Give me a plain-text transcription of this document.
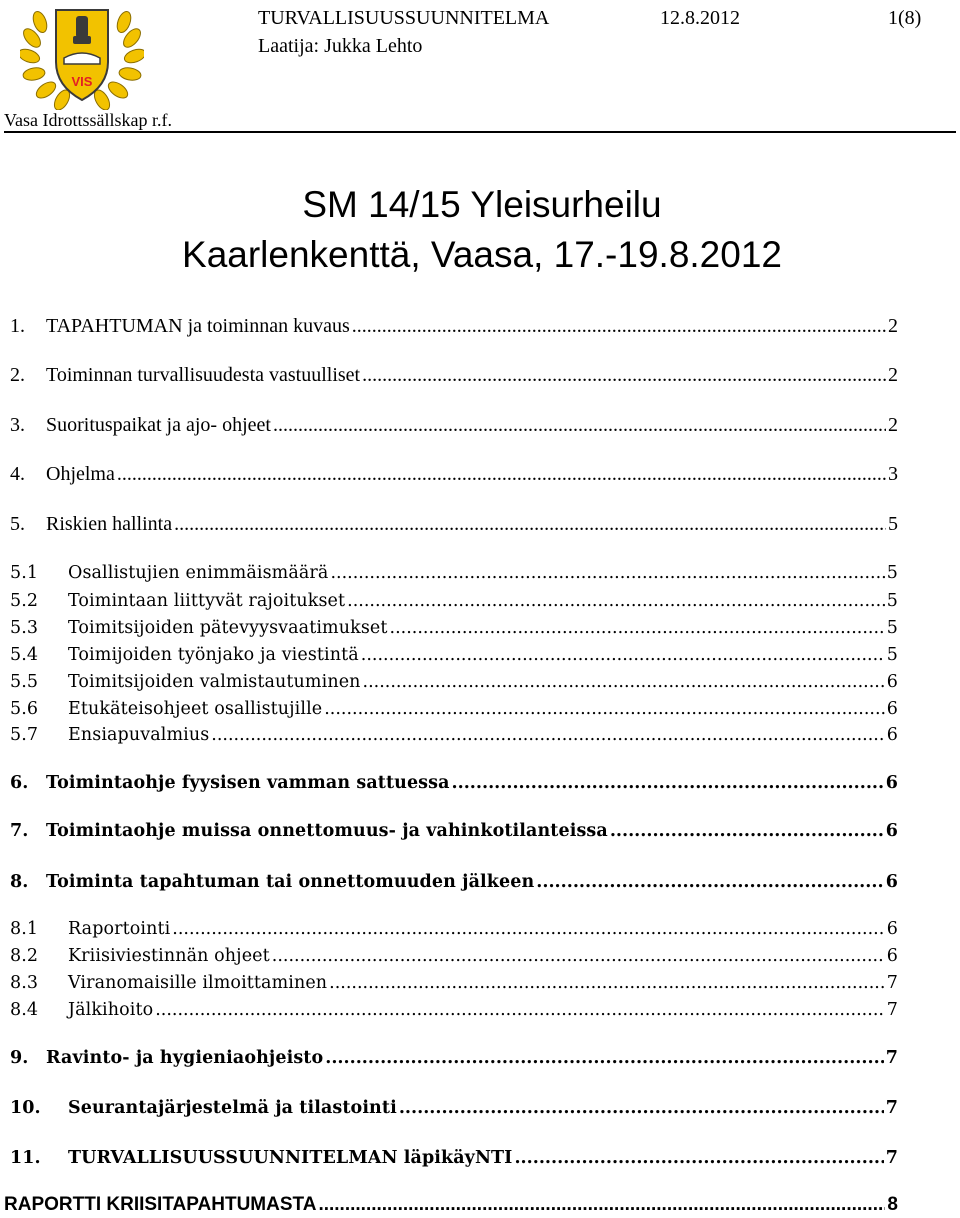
VIS
TURVALLISUUSSUUNNITELMA	12.8.2012	1(8)
Laatija: Jukka Lehto
Vasa Idrottssällskap r.f.
SM 14/15 Yleisurheilu
Kaarlenkenttä, Vaasa, 17.-19.8.2012
1.	TAPAHTUMAN ja toiminnan kuvaus .....	2
2.	Toiminnan turvallisuudesta vastuulliset .....	2
3.	Suorituspaikat ja ajo- ohjeet .....	2
4.	Ohjelma .....	3
5.	Riskien hallinta .....	5
5.1	Osallistujien enimmäismäärä .....	5
5.2	Toimintaan liittyvät rajoitukset .....	5
5.3	Toimitsijoiden pätevyysvaatimukset .....	5
5.4	Toimijoiden työnjako ja viestintä .....	5
5.5	Toimitsijoiden valmistautuminen .....	6
5.6	Etukäteisohjeet osallistujille .....	6
5.7	Ensiapuvalmius .....	6
6.	Toimintaohje fyysisen vamman sattuessa .....	6
7.	Toimintaohje muissa onnettomuus- ja vahinkotilanteissa .....	6
8.	Toiminta tapahtuman tai onnettomuuden jälkeen .....	6
8.1	Raportointi .....	6
8.2	Kriisiviestinnän ohjeet .....	6
8.3	Viranomaisille ilmoittaminen .....	7
8.4	Jälkihoito .....	7
9.	Ravinto- ja hygieniaohjeisto .....	7
10.	Seurantajärjestelmä ja tilastointi .....	7
11.	TURVALLISUUSSUUNNITELMAN läpikäyNTI .....	7
RAPORTTI KRIISITAPAHTUMASTA .....	8
